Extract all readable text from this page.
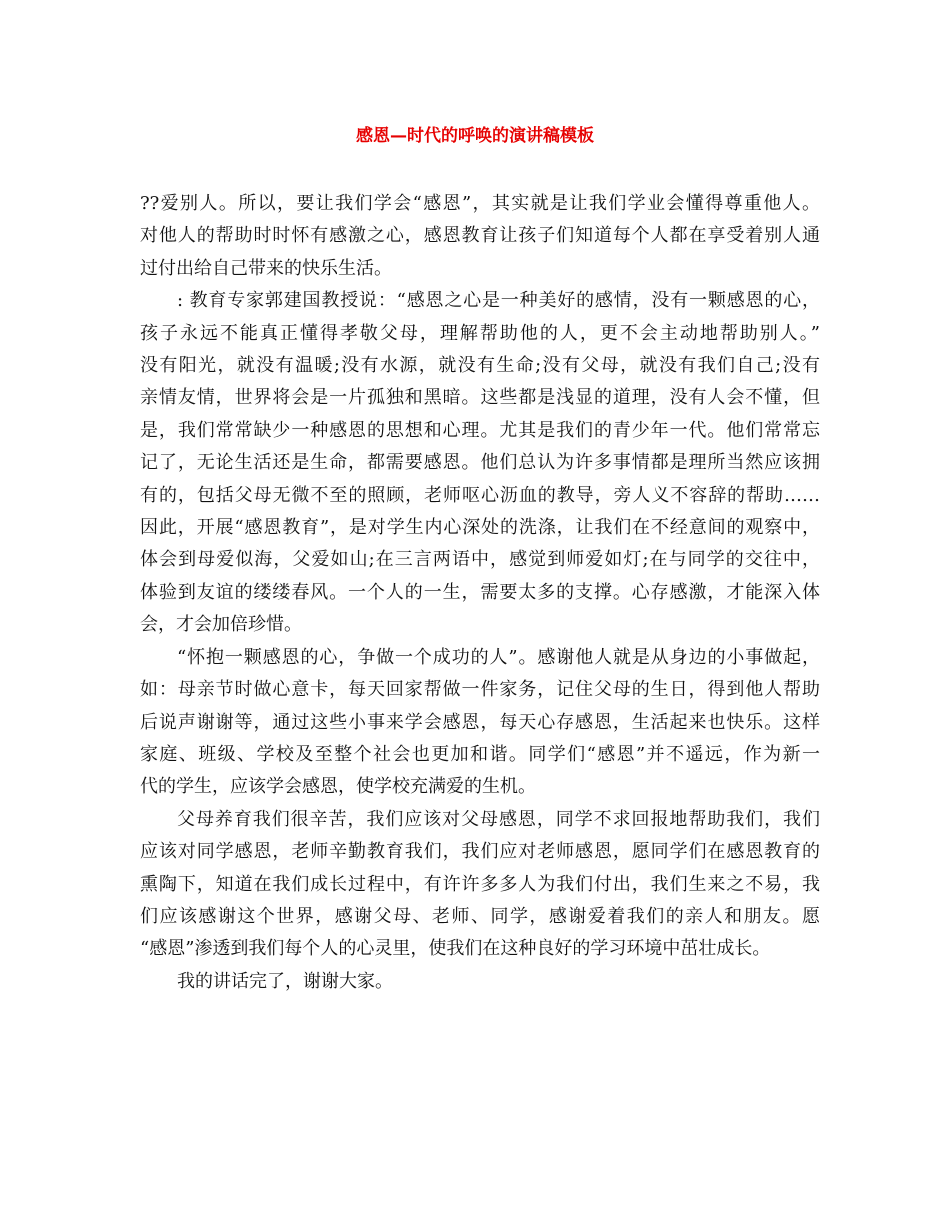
感恩—时代的呼唤的演讲稿模板
??爱别人。所以，要让我们学会“感恩”，其实就是让我们学业会懂得尊重他人。
对他人的帮助时时怀有感激之心，感恩教育让孩子们知道每个人都在享受着别人通
过付出给自己带来的快乐生活。
: 教育专家郭建国教授说：“感恩之心是一种美好的感情，没有一颗感恩的心，
孩子永远不能真正懂得孝敬父母，理解帮助他的人，更不会主动地帮助别人。”
没有阳光，就没有温暖;没有水源，就没有生命;没有父母，就没有我们自己;没有
亲情友情，世界将会是一片孤独和黑暗。这些都是浅显的道理，没有人会不懂，但
是，我们常常缺少一种感恩的思想和心理。尤其是我们的青少年一代。他们常常忘
记了，无论生活还是生命，都需要感恩。他们总认为许多事情都是理所当然应该拥
有的，包括父母无微不至的照顾，老师呕心沥血的教导，旁人义不容辞的帮助……
因此，开展“感恩教育”，是对学生内心深处的洗涤，让我们在不经意间的观察中，
体会到母爱似海，父爱如山;在三言两语中，感觉到师爱如灯;在与同学的交往中，
体验到友谊的缕缕春风。一个人的一生，需要太多的支撑。心存感激，才能深入体
会，才会加倍珍惜。
“怀抱一颗感恩的心，争做一个成功的人”。感谢他人就是从身边的小事做起，
如：母亲节时做心意卡，每天回家帮做一件家务，记住父母的生日，得到他人帮助
后说声谢谢等，通过这些小事来学会感恩，每天心存感恩，生活起来也快乐。这样
家庭、班级、学校及至整个社会也更加和谐。同学们“感恩”并不遥远，作为新一
代的学生，应该学会感恩，使学校充满爱的生机。
父母养育我们很辛苦，我们应该对父母感恩，同学不求回报地帮助我们，我们
应该对同学感恩，老师辛勤教育我们，我们应对老师感恩，愿同学们在感恩教育的
熏陶下，知道在我们成长过程中，有许许多多人为我们付出，我们生来之不易，我
们应该感谢这个世界，感谢父母、老师、同学，感谢爱着我们的亲人和朋友。愿
“感恩”渗透到我们每个人的心灵里，使我们在这种良好的学习环境中茁壮成长。
我的讲话完了，谢谢大家。
